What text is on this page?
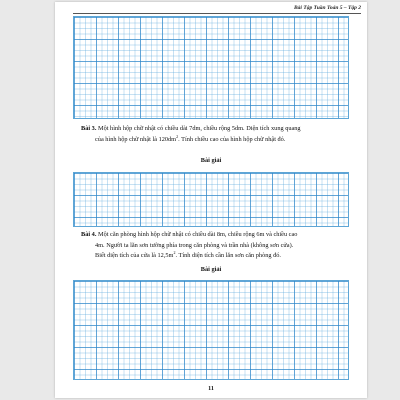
Bài Tập Tuần Toán 5 – Tập 2
Bài 3. Một hình hộp chữ nhật có chiều dài 7dm, chiều rộng 5dm. Diện tích xung quang
của hình hộp chữ nhật là $120dm^2$. Tính chiều cao của hình hộp chữ nhật đó.
Bài giải
Bài 4. Một căn phòng hình hộp chữ nhật có chiều dài 8m, chiều rộng 6m và chiều cao
4m. Người ta lăn sơn tường phía trong căn phòng và trần nhà (không sơn cửa).
Biết diện tích của cửa là $12,5m^2$. Tính diện tích cần lăn sơn căn phòng đó.
Bài giải
11
